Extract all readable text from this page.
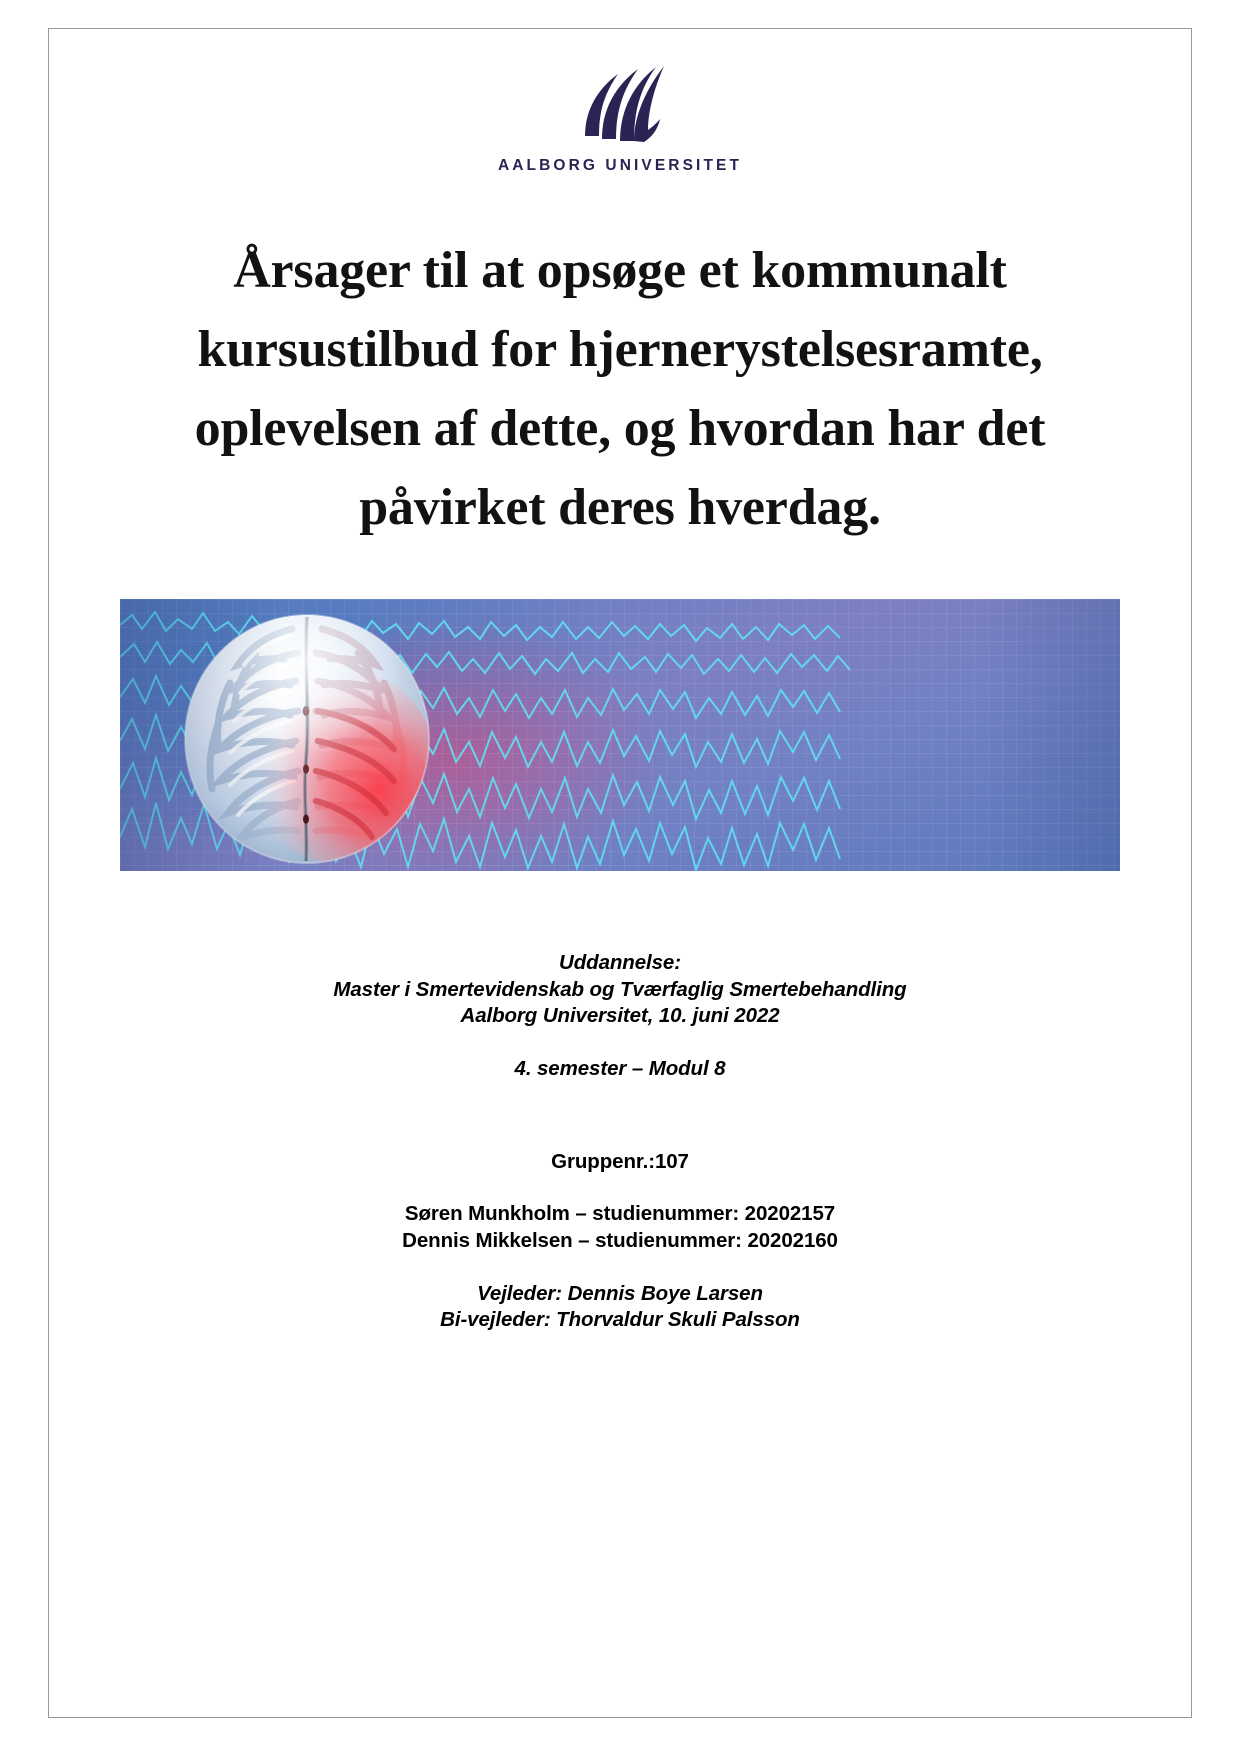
AALBORG UNIVERSITET
Årsager til at opsøge et kommunalt
kursustilbud for hjernerystelsesramte,
oplevelsen af dette, og hvordan har det
påvirket deres hverdag.
Uddannelse:
Master i Smertevidenskab og Tværfaglig Smertebehandling
Aalborg Universitet, 10. juni 2022
4. semester – Modul 8
Gruppenr.:107
Søren Munkholm – studienummer: 20202157
Dennis Mikkelsen – studienummer: 20202160
Vejleder: Dennis Boye Larsen
Bi-vejleder: Thorvaldur Skuli Palsson
